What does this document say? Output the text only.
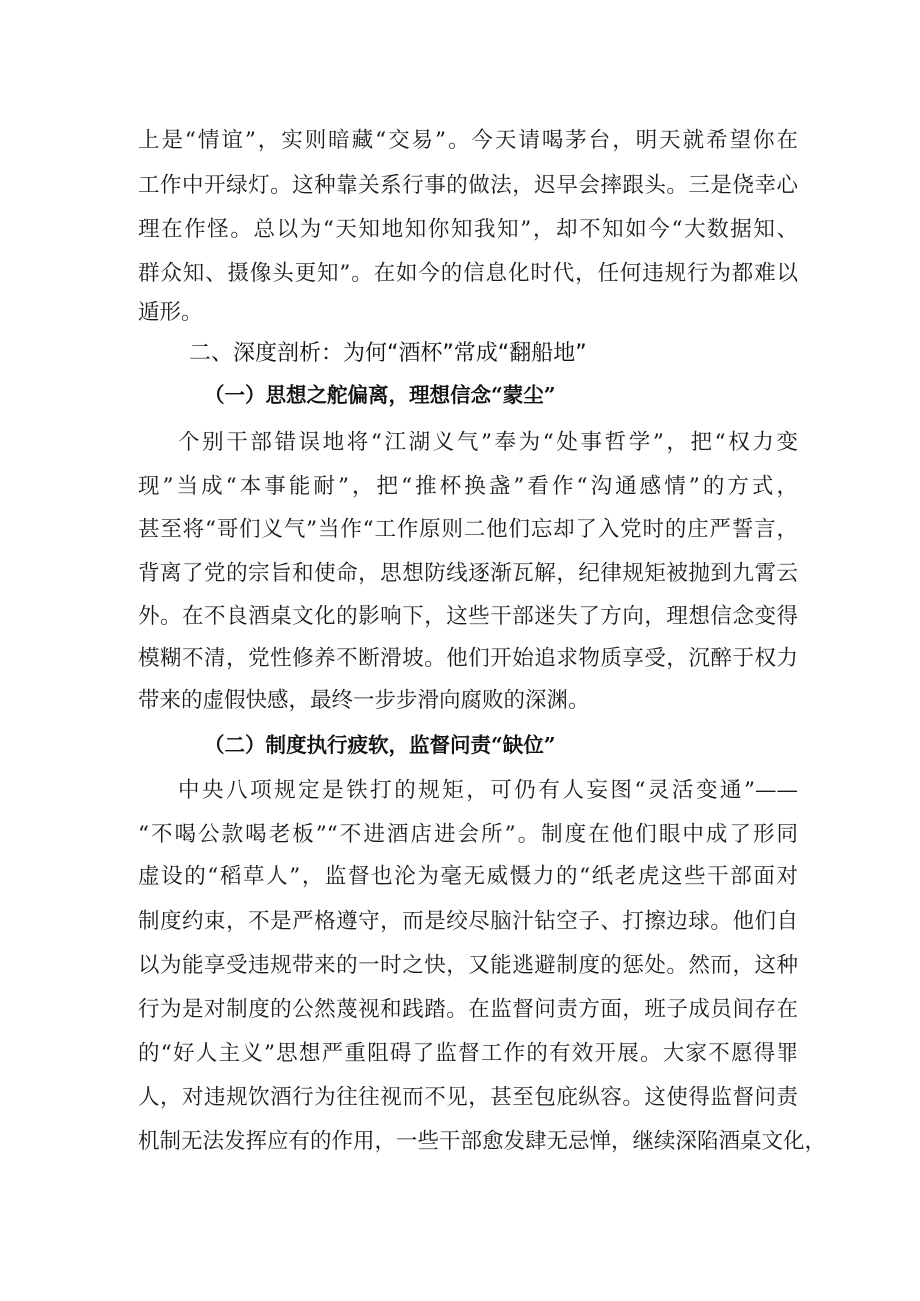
上是“情谊”，实则暗藏“交易”。今天请喝茅台，明天就希望你在
工作中开绿灯。这种靠关系行事的做法，迟早会摔跟头。三是侥幸心
理在作怪。总以为“天知地知你知我知”，却不知如今“大数据知、
群众知、摄像头更知”。在如今的信息化时代，任何违规行为都难以
遁形。
二、深度剖析：为何“酒杯”常成“翻船地”
（一）思想之舵偏离，理想信念“蒙尘”
个别干部错误地将“江湖义气”奉为“处事哲学”，把“权力变
现”当成“本事能耐”，把“推杯换盏”看作“沟通感情”的方式，
甚至将“哥们义气”当作“工作原则二他们忘却了入党时的庄严誓言，
背离了党的宗旨和使命，思想防线逐渐瓦解，纪律规矩被抛到九霄云
外。在不良酒桌文化的影响下，这些干部迷失了方向，理想信念变得
模糊不清，党性修养不断滑坡。他们开始追求物质享受，沉醉于权力
带来的虚假快感，最终一步步滑向腐败的深渊。
（二）制度执行疲软，监督问责“缺位”
中央八项规定是铁打的规矩，可仍有人妄图“灵活变通”——
“不喝公款喝老板”“不进酒店进会所”。制度在他们眼中成了形同
虚设的“稻草人”，监督也沦为毫无威慑力的“纸老虎这些干部面对
制度约束，不是严格遵守，而是绞尽脑汁钻空子、打擦边球。他们自
以为能享受违规带来的一时之快，又能逃避制度的惩处。然而，这种
行为是对制度的公然蔑视和践踏。在监督问责方面，班子成员间存在
的“好人主义”思想严重阻碍了监督工作的有效开展。大家不愿得罪
人，对违规饮酒行为往往视而不见，甚至包庇纵容。这使得监督问责
机制无法发挥应有的作用，一些干部愈发肆无忌惮，继续深陷酒桌文化，
